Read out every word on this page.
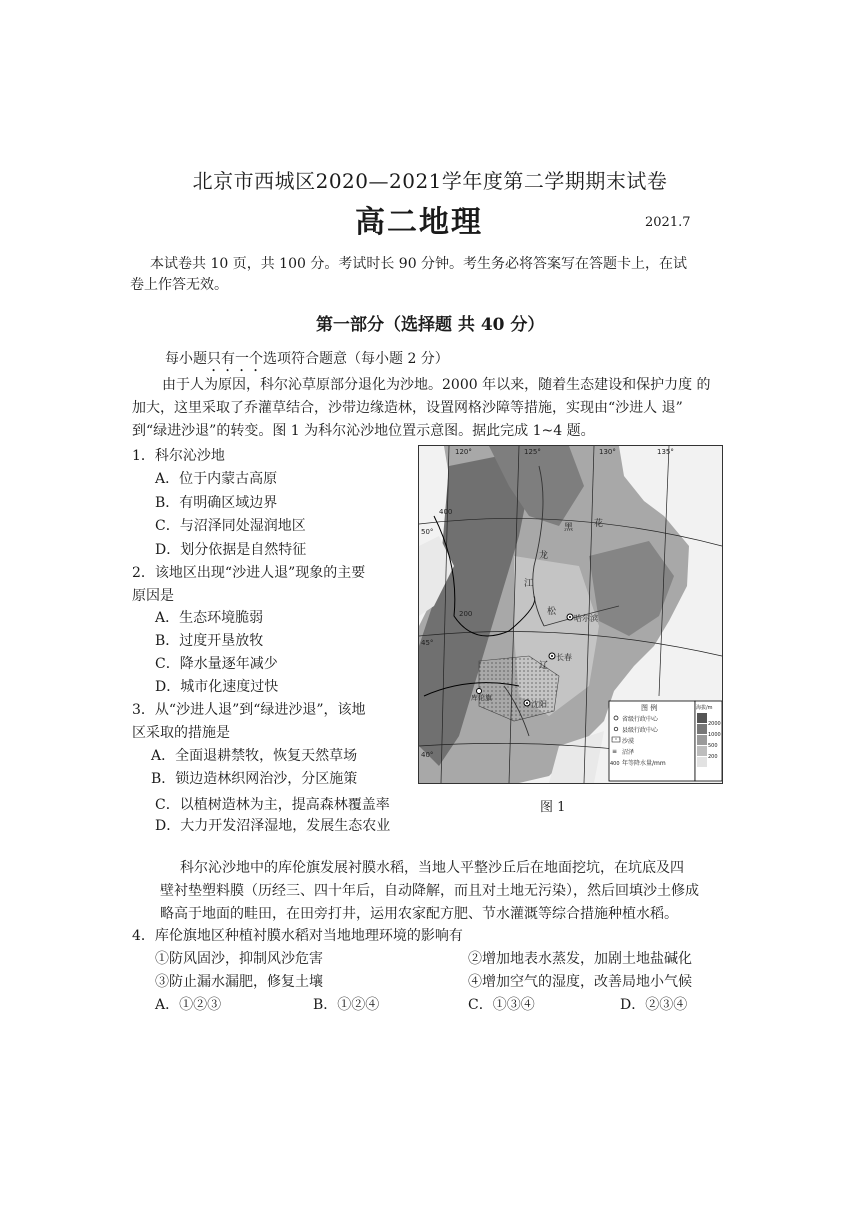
北京市西城区2020—2021学年度第二学期期末试卷
高二地理	2021.7
本试卷共 10 页，共 100 分。考试时长 90 分钟。考生务必将答案写在答题卡上，在试
卷上作答无效。
第一部分（选择题 共 40 分）
每小题只有一个选项符合题意（每小题 2 分）
由于人为原因，科尔沁草原部分退化为沙地。2000 年以来，随着生态建设和保护力度 的
加大，这里采取了乔灌草结合，沙带边缘造林，设置网格沙障等措施，实现由“沙进人 退”
到“绿进沙退”的转变。图 1 为科尔沁沙地位置示意图。据此完成 1~4 题。
1．科尔沁沙地
A．位于内蒙古高原
B．有明确区域边界
C．与沼泽同处湿润地区
D．划分依据是自然特征
2．该地区出现“沙进人退”现象的主要
原因是
A．生态环境脆弱
B．过度开垦放牧
C．降水量逐年减少
D．城市化速度过快
3．从“沙进人退”到“绿进沙退”，该地
区采取的措施是
A．全面退耕禁牧，恢复天然草场
B．锁边造林织网治沙，分区施策
C．以植树造林为主，提高森林覆盖率
D．大力开发沼泽湿地，发展生态农业
120°	125°	130°	135°
50°
45°
40°
400
200	哈尔滨
长春
沈阳
库伦旗
黑
龙
江
松
花
辽
图 例
省级行政中心
县级行政中心
沙漠
≡ 沼泽
400 年等降水量/mm
海拔/m
2000
1000
500
200
图 1
科尔沁沙地中的库伦旗发展衬膜水稻，当地人平整沙丘后在地面挖坑，在坑底及四
壁衬垫塑料膜（历经三、四十年后，自动降解，而且对土地无污染），然后回填沙土修成
略高于地面的畦田，在田旁打井，运用农家配方肥、节水灌溉等综合措施种植水稻。
4．库伦旗地区种植衬膜水稻对当地地理环境的影响有
①防风固沙，抑制风沙危害	②增加地表水蒸发，加剧土地盐碱化
③防止漏水漏肥，修复土壤	④增加空气的湿度，改善局地小气候
A．①②③	B．①②④	C．①③④	D．②③④
